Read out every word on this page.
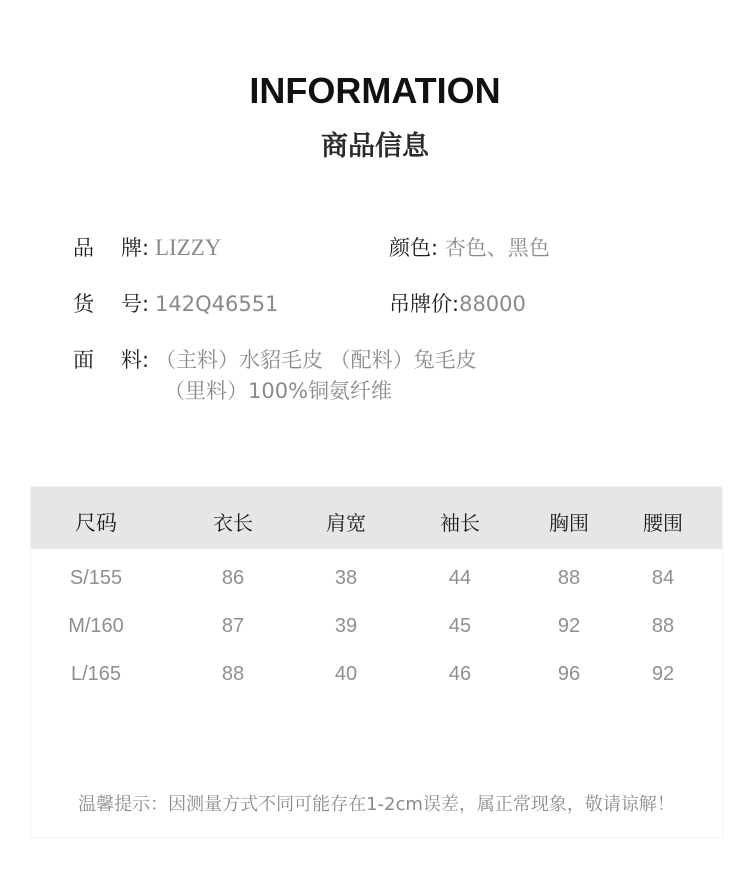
INFORMATION
商品信息
品 牌: LIZZY	颜色: 杏色、黑色
货 号: 142Q46551	吊牌价:88000
面 料: （主料）水貂毛皮 （配料）兔毛皮
（里料）100%铜氨纤维
尺码	衣长	肩宽	袖长	胸围	腰围
S/155	86	38	44	88	84
M/160	87	39	45	92	88
L/165	88	40	46	96	92
温馨提示：因测量方式不同可能存在1-2cm误差，属正常现象，敬请谅解！
